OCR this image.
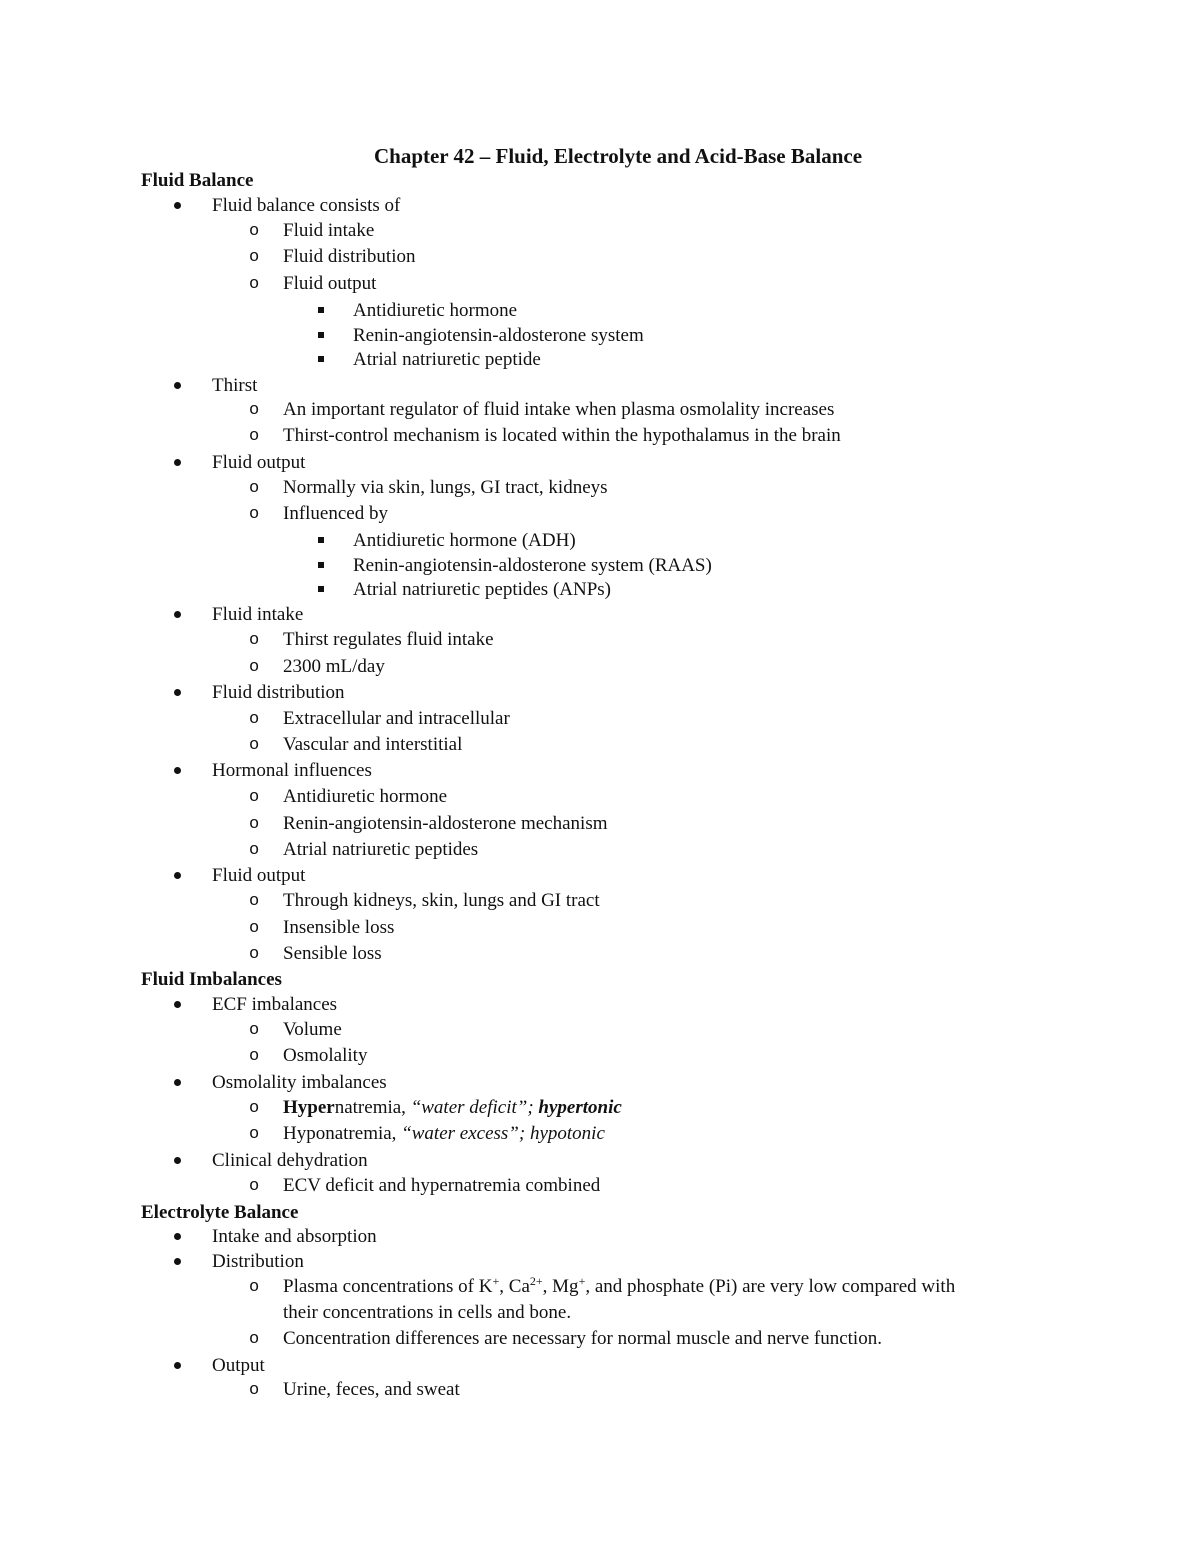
Chapter 42 – Fluid, Electrolyte and Acid-Base Balance
Fluid Balance
Fluid balance consists of
o Fluid intake
o Fluid distribution
o Fluid output
Antidiuretic hormone
Renin-angiotensin-aldosterone system
Atrial natriuretic peptide
Thirst
o An important regulator of fluid intake when plasma osmolality increases
o Thirst-control mechanism is located within the hypothalamus in the brain
Fluid output
o Normally via skin, lungs, GI tract, kidneys
o Influenced by
Antidiuretic hormone (ADH)
Renin-angiotensin-aldosterone system (RAAS)
Atrial natriuretic peptides (ANPs)
Fluid intake
o Thirst regulates fluid intake
o 2300 mL/day
Fluid distribution
o Extracellular and intracellular
o Vascular and interstitial
Hormonal influences
o Antidiuretic hormone
o Renin-angiotensin-aldosterone mechanism
o Atrial natriuretic peptides
Fluid output
o Through kidneys, skin, lungs and GI tract
o Insensible loss
o Sensible loss
Fluid Imbalances
ECF imbalances
o Volume
o Osmolality
Osmolality imbalances
o Hypernatremia, “water deficit”; hypertonic
o Hyponatremia, “water excess”; hypotonic
Clinical dehydration
o ECV deficit and hypernatremia combined
Electrolyte Balance
Intake and absorption
Distribution
o Plasma concentrations of K+, $Ca^{2+}$, Mg+, and phosphate (Pi) are very low compared with
their concentrations in cells and bone.
o Concentration differences are necessary for normal muscle and nerve function.
Output
o Urine, feces, and sweat
